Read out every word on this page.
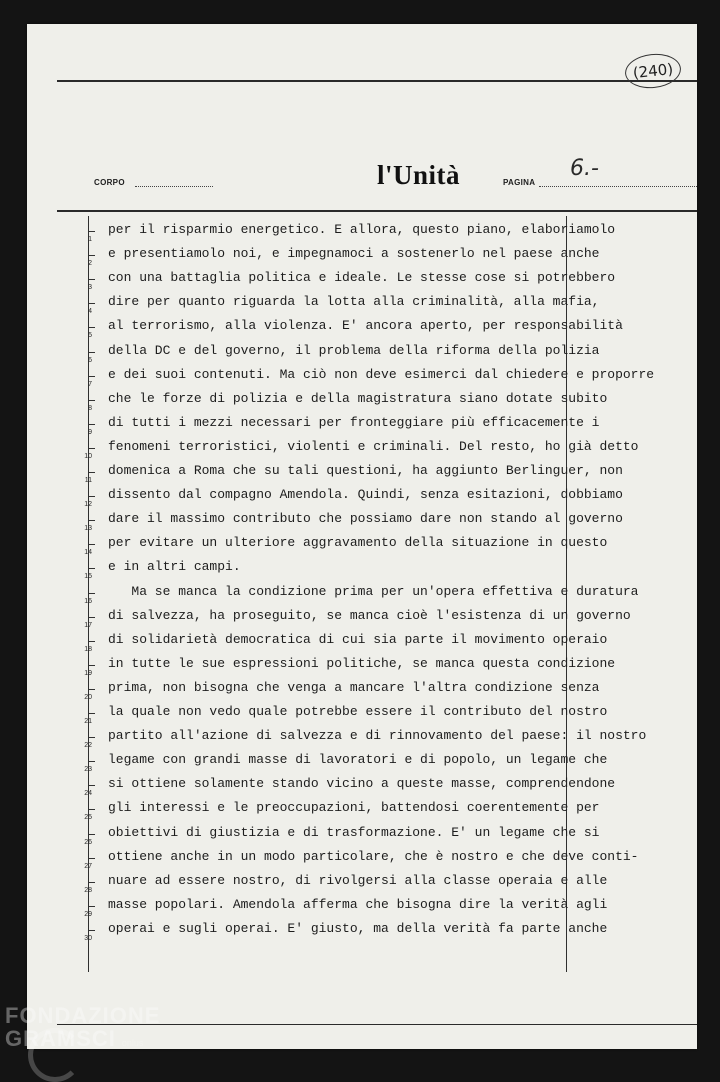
(240)
CORPO	l'Unità	PAGINA
6.-
1
2
3
4
5
6
7
8
9
10
11
12
13
14
15
16
17
18
19
20
21
22
23
24
25
26
27
28
29
30
per il risparmio energetico. E allora, questo piano, elaboriamolo
e presentiamolo noi, e impegnamoci a sostenerlo nel paese anche
con una battaglia politica e ideale. Le stesse cose si potrebbero
dire per quanto riguarda la lotta alla criminalità, alla mafia,
al terrorismo, alla violenza. E' ancora aperto, per responsabilità
della DC e del governo, il problema della riforma della polizia
e dei suoi contenuti. Ma ciò non deve esimerci dal chiedere e proporre
che le forze di polizia e della magistratura siano dotate subito
di tutti i mezzi necessari per fronteggiare più efficacemente i
fenomeni terroristici, violenti e criminali. Del resto, ho già detto
domenica a Roma che su tali questioni, ha aggiunto Berlinguer, non
dissento dal compagno Amendola. Quindi, senza esitazioni, dobbiamo
dare il massimo contributo che possiamo dare non stando al governo
per evitare un ulteriore aggravamento della situazione in questo
e in altri campi.
Ma se manca la condizione prima per un'opera effettiva e duratura
di salvezza, ha proseguito, se manca cioè l'esistenza di un governo
di solidarietà democratica di cui sia parte il movimento operaio
in tutte le sue espressioni politiche, se manca questa condizione
prima, non bisogna che venga a mancare l'altra condizione senza
la quale non vedo quale potrebbe essere il contributo del nostro
partito all'azione di salvezza e di rinnovamento del paese: il nostro
legame con grandi masse di lavoratori e di popolo, un legame che
si ottiene solamente stando vicino a queste masse, comprendendone
gli interessi e le preoccupazioni, battendosi coerentemente per
obiettivi di giustizia e di trasformazione. E' un legame che si
ottiene anche in un modo particolare, che è nostro e che deve conti-
nuare ad essere nostro, di rivolgersi alla classe operaia e alle
masse popolari. Amendola afferma che bisogna dire la verità agli
operai e sugli operai. E' giusto, ma della verità fa parte anche
FONDAZIONE
GRAMSCI onlus
